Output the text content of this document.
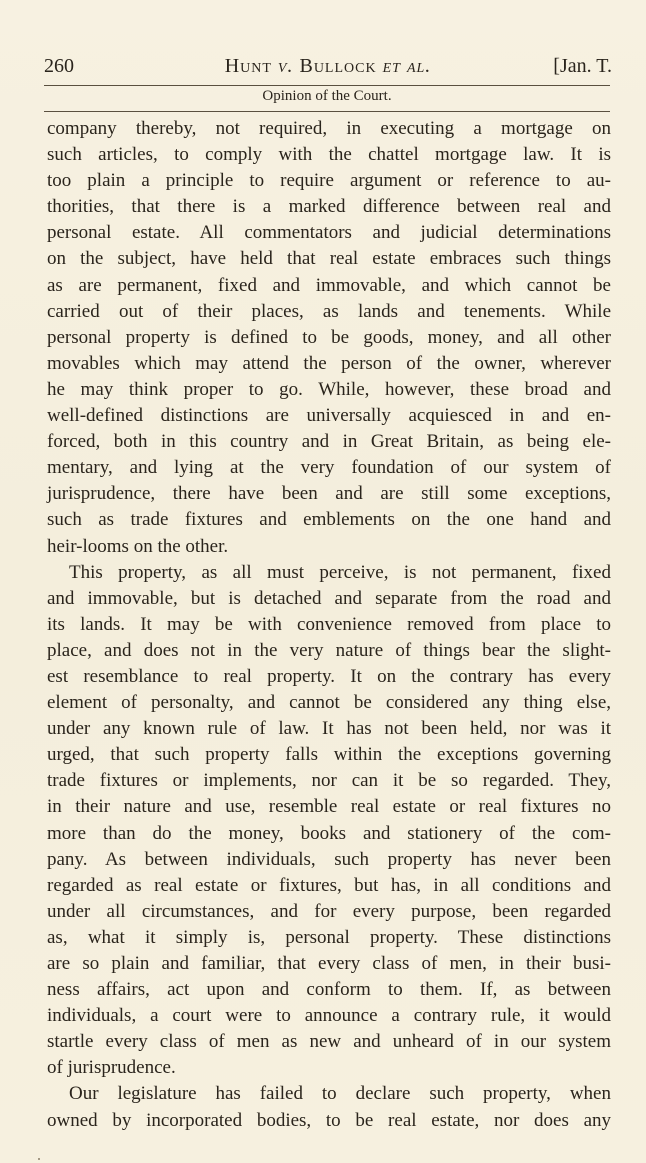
260	Hunt v. Bullock et al.	[Jan. T.
Opinion of the Court.
company thereby, not required, in executing a mortgage on
such articles, to comply with the chattel mortgage law. It is
too plain a principle to require argument or reference to au-
thorities, that there is a marked difference between real and
personal estate. All commentators and judicial determinations
on the subject, have held that real estate embraces such things
as are permanent, fixed and immovable, and which cannot be
carried out of their places, as lands and tenements. While
personal property is defined to be goods, money, and all other
movables which may attend the person of the owner, wherever
he may think proper to go. While, however, these broad and
well-defined distinctions are universally acquiesced in and en-
forced, both in this country and in Great Britain, as being ele-
mentary, and lying at the very foundation of our system of
jurisprudence, there have been and are still some exceptions,
such as trade fixtures and emblements on the one hand and
heir-looms on the other.
This property, as all must perceive, is not permanent, fixed
and immovable, but is detached and separate from the road and
its lands. It may be with convenience removed from place to
place, and does not in the very nature of things bear the slight-
est resemblance to real property. It on the contrary has every
element of personalty, and cannot be considered any thing else,
under any known rule of law. It has not been held, nor was it
urged, that such property falls within the exceptions governing
trade fixtures or implements, nor can it be so regarded. They,
in their nature and use, resemble real estate or real fixtures no
more than do the money, books and stationery of the com-
pany. As between individuals, such property has never been
regarded as real estate or fixtures, but has, in all conditions and
under all circumstances, and for every purpose, been regarded
as, what it simply is, personal property. These distinctions
are so plain and familiar, that every class of men, in their busi-
ness affairs, act upon and conform to them. If, as between
individuals, a court were to announce a contrary rule, it would
startle every class of men as new and unheard of in our system
of jurisprudence.
Our legislature has failed to declare such property, when
owned by incorporated bodies, to be real estate, nor does any
